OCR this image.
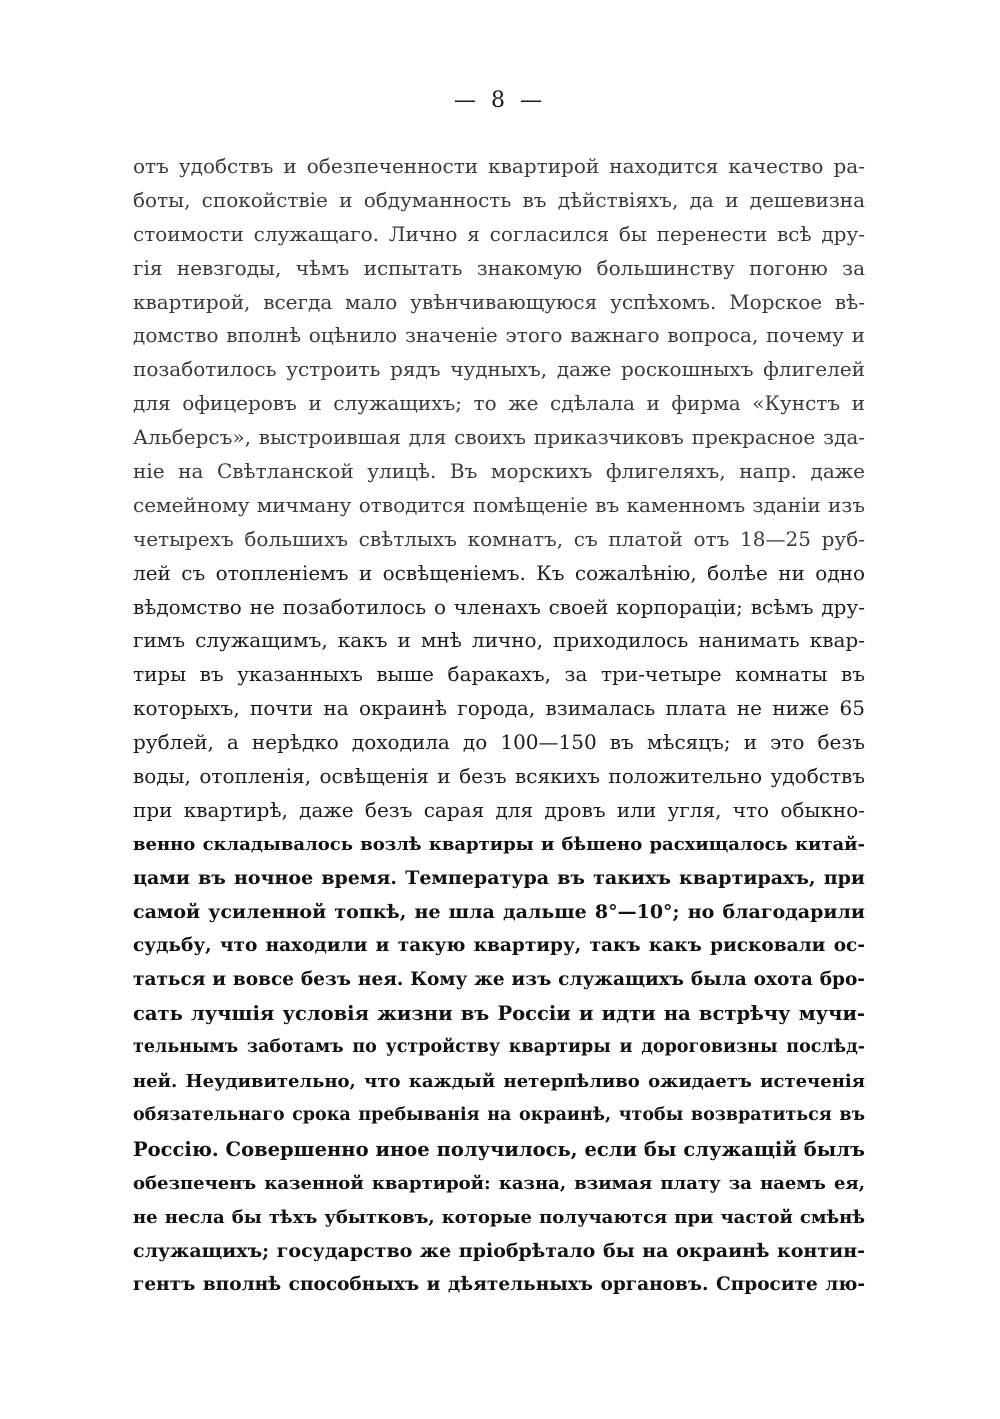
— 8 —
отъ удобствъ и обезпеченности квартирой находится качество ра-
боты, спокойствіе и обдуманность въ дѣйствіяхъ, да и дешевизна
стоимости служащаго. Лично я согласился бы перенести всѣ дру-
гія невзгоды, чѣмъ испытать знакомую большинству погоню за
квартирой, всегда мало увѣнчивающуюся успѣхомъ. Морское вѣ-
домство вполнѣ оцѣнило значеніе этого важнаго вопроса, почему и
позаботилось устроить рядъ чудныхъ, даже роскошныхъ флигелей
для офицеровъ и служащихъ; то же сдѣлала и фирма «Кунстъ и
Альберсъ», выстроившая для своихъ приказчиковъ прекрасное зда-
ніе на Свѣтланской улицѣ. Въ морскихъ флигеляхъ, напр. даже
семейному мичману отводится помѣщеніе въ каменномъ зданіи изъ
четырехъ большихъ свѣтлыхъ комнатъ, съ платой отъ 18—25 руб-
лей съ отопленіемъ и освѣщеніемъ. Къ сожалѣнію, болѣе ни одно
вѣдомство не позаботилось о членахъ своей корпораціи; всѣмъ дру-
гимъ служащимъ, какъ и мнѣ лично, приходилось нанимать квар-
тиры въ указанныхъ выше баракахъ, за три-четыре комнаты въ
которыхъ, почти на окраинѣ города, взималась плата не ниже 65
рублей, а нерѣдко доходила до 100—150 въ мѣсяцъ; и это безъ
воды, отопленія, освѣщенія и безъ всякихъ положительно удобствъ
при квартирѣ, даже безъ сарая для дровъ или угля, что обыкно-
венно складывалось возлѣ квартиры и бѣшено расхищалось китай-
цами въ ночное время. Температура въ такихъ квартирахъ, при
самой усиленной топкѣ, не шла дальше 8°—10°; но благодарили
судьбу, что находили и такую квартиру, такъ какъ рисковали ос-
таться и вовсе безъ нея. Кому же изъ служащихъ была охота бро-
сать лучшія условія жизни въ Россіи и идти на встрѣчу мучи-
тельнымъ заботамъ по устройству квартиры и дороговизны послѣд-
ней. Неудивительно, что каждый нетерпѣливо ожидаетъ истеченія
обязательнаго срока пребыванія на окраинѣ, чтобы возвратиться въ
Россію. Совершенно иное получилось, если бы служащій былъ
обезпеченъ казенной квартирой: казна, взимая плату за наемъ ея,
не несла бы тѣхъ убытковъ, которые получаются при частой смѣнѣ
служащихъ; государство же пріобрѣтало бы на окраинѣ контин-
гентъ вполнѣ способныхъ и дѣятельныхъ органовъ. Спросите лю-
